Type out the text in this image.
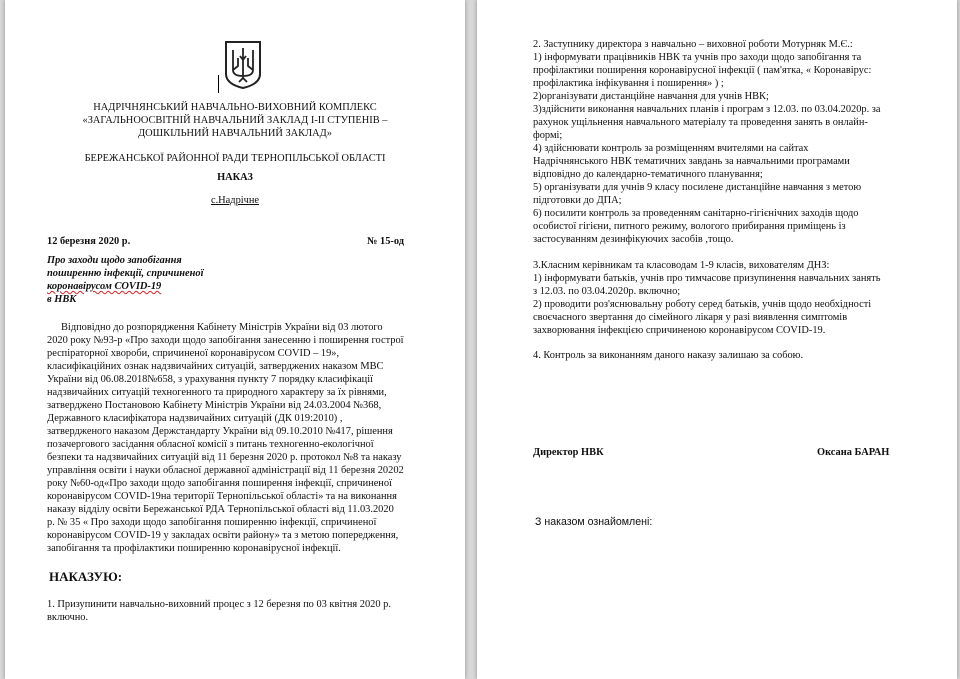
НАДРІЧНЯНСЬКИЙ НАВЧАЛЬНО-ВИХОВНИЙ КОМПЛЕКС
«ЗАГАЛЬНООСВІТНІЙ НАВЧАЛЬНИЙ ЗАКЛАД І-ІІ СТУПЕНІВ –
ДОШКІЛЬНИЙ НАВЧАЛЬНИЙ ЗАКЛАД»
БЕРЕЖАНСЬКОЇ РАЙОННОЇ РАДИ ТЕРНОПІЛЬСЬКОЇ ОБЛАСТІ
НАКАЗ
с.Надрічне
12 березня 2020 р.	№ 15-од
Про заходи щодо запобігання
поширенню інфекції, спричиненої
коронавірусом COVID-19
в НВК
Відповідно до розпорядження Кабінету Міністрів України від 03 лютого
2020 року №93-р «Про заходи щодо запобігання занесенню і поширення гострої
респіраторної хвороби, спричиненої коронавірусом COVID – 19»,
класифікаційних ознак надзвичайних ситуацій, затверджених наказом МВС
України від 06.08.2018№658, з урахування пункту 7 порядку класифікації
надзвичайних ситуацій техногенного та природного характеру за їх рівнями,
затверджено Постановою Кабінету Міністрів України від 24.03.2004 №368,
Державного класифікатора надзвичайних ситуацій (ДК 019:2010) ,
затвердженого наказом Держстандарту України від 09.10.2010 №417, рішення
позачергового засідання обласної комісії з питань техногенно-екологічної
безпеки та надзвичайних ситуацій від 11 березня 2020 р. протокол №8 та наказу
управління освіти і науки обласної державної адміністрації від 11 березня 20202
року №60-од«Про заходи щодо запобігання поширення інфекції, спричиненої
коронавірусом COVID-19на території Тернопільської області» та на виконання
наказу відділу освіти Бережанської РДА Тернопільської області від 11.03.2020
р. № 35 « Про заходи щодо запобігання поширенню інфекції, спричиненої
коронавірусом COVID-19 у закладах освіти району» та з метою попередження,
запобігання та профілактики поширенню коронавірусної інфекції.
НАКАЗУЮ:
1. Призупинити навчально-виховний процес з 12 березня по 03 квітня 2020 р.
включно.
2. Заступнику директора з навчально – виховної роботи Мотурняк М.Є.:
1) інформувати працівників НВК та учнів про заходи щодо запобігання та
профілактики поширення коронавірусної інфекції ( пам'ятка, « Коронавірус:
профілактика інфікування і поширення» ) ;
2)організувати дистанційне навчання для учнів НВК;
3)здійснити виконання навчальних планів і програм з 12.03. по 03.04.2020р. за
рахунок ущільнення навчального матеріалу та проведення занять в онлайн-
формі;
4) здійснювати контроль за розміщенням вчителями на сайтах
Надрічнянського НВК тематичних завдань за навчальними програмами
відповідно до календарно-тематичного планування;
5) організувати для учнів 9 класу посилене дистанційне навчання з метою
підготовки до ДПА;
6) посилити контроль за проведенням санітарно-гігієнічних заходів щодо
особистої гігієни, питного режиму, вологого прибирання приміщень із
застосуванням дезинфікуючих засобів ,тощо.
3.Класним керівникам та класоводам 1-9 класів, вихователям ДНЗ:
1) інформувати батьків, учнів про тимчасове призупинення навчальних занять
з 12.03. по 03.04.2020р. включно;
2) проводити роз'яснювальну роботу серед батьків, учнів щодо необхідності
своєчасного звертання до сімейного лікаря у разі виявлення симптомів
захворювання інфекцією спричиненою коронавірусом COVID-19.
4. Контроль за виконанням даного наказу залишаю за собою.
Директор НВК	Оксана БАРАН
З наказом ознайомлені:
